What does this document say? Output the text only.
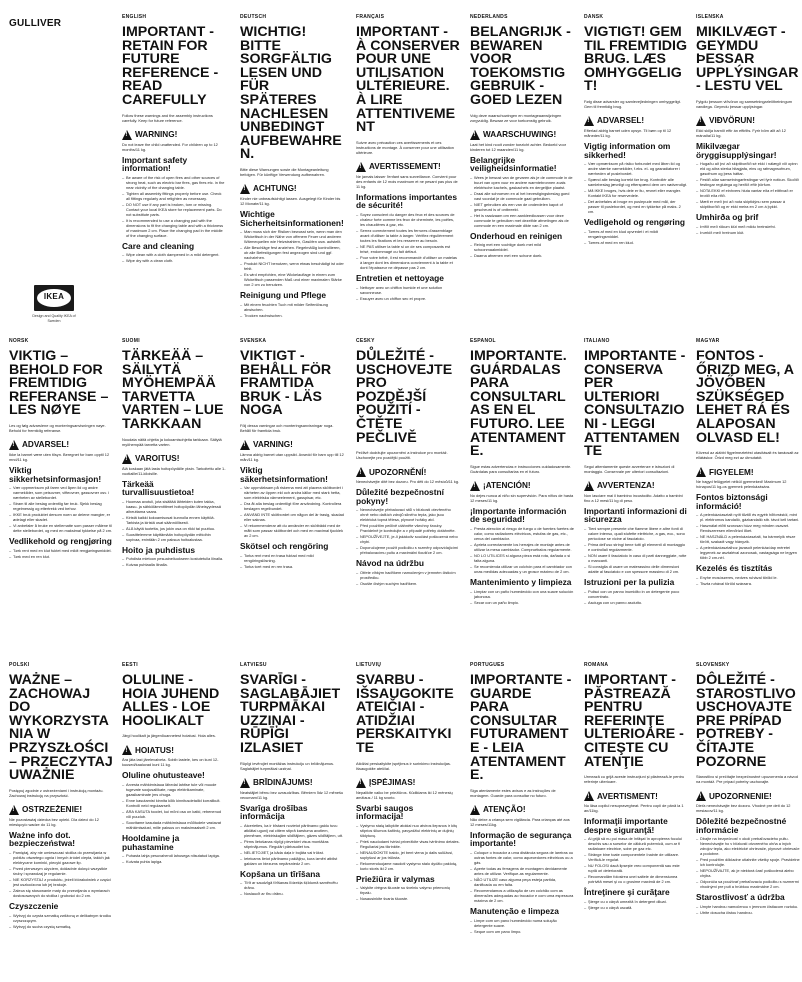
GULLIVER
IKEA
Design and Quality IKEA of Sweden
ENGLISH
IMPORTANT - RETAIN FOR FUTURE REFERENCE - READ CAREFULLY
Follow these warnings and the assembly instructions carefully. Keep for future reference.
!
WARNING!
Do not leave the child unattended. For children up to 12 months/11 kg.
Important safety information!
– Be aware of the risk of open fires and other sources of strong heat, such as electric bar fires, gas fires etc. in the near vicinity of the changing table.
– Tighten all assembly fittings properly before use. Check all fittings regularly and retighten as necessary.
– DO NOT use if any part is broken, torn or missing. Contact your local IKEA store for replacement parts. Do not substitute parts.
– It is recommended to use a changing pad with the dimensions to fit the changing table and with a thickness of maximum 2 cm. Place the changing pad in the middle of the changing surface.
Care and cleaning
– Wipe clean with a cloth dampened in a mild detergent.
– Wipe dry with a clean cloth.
DEUTSCH
WICHTIG! BITTE SORGFÄLTIG LESEN UND FÜR SPÄTERES NACHLESEN UNBEDINGT AUFBEWAHREN.
Bitte diese Warnungen sowie die Montageanleitung befolgen. Für künftige Verwendung aufbewahren.
!
ACHTUNG!
Kinder nie unbeaufsichtigt lassen. Ausgelegt für Kinder bis 12 Monate/11 kg.
Wichtige Sicherheitsinformationen!
– Man muss sich der Risiken bewusst sein, wenn man den Wickeltisch in der Nähe von offenem Feuer und anderen Wärmequellen wie Heizstrahlern, Gasöfen usw. aufstellt.
– Alle Beschläge fest anziehen. Regelmäßig kontrollieren, ob alle Befestigungen fest angezogen sind und ggf. nachziehen.
– Produkt NICHT benutzen, wenn etwas beschädigt ist oder fehlt.
– Es wird empfohlen, eine Wickelauflage in einem zum Wickeltisch passenden Maß und einer maximalen Stärke von 2 cm zu benutzen.
Reinigung und Pflege
– Mit einem feuchten Tuch mit milder Seifenlösung abwischen.
– Trocken nachwischen.
FRANÇAIS
IMPORTANT - À CONSERVER POUR UNE UTILISATION ULTÉRIEURE. À LIRE ATTENTIVEMENT
Suivre avec précaution ces avertissements et ces instructions de montage. À conserver pour une utilisation ultérieure.
!
AVERTISSEMENT!
Ne jamais laisser l'enfant sans surveillance. Convient pour des enfants de 12 mois maximum et ne pesant pas plus de 11 kg.
Informations importantes de sécurité!
– Soyez conscient du danger des feux et des sources de chaleur forte comme les feux de cheminée, les poêles, les chaudières à gaz, etc.
– Serrez correctement toutes les ferrures d'assemblage avant d'utiliser la table à langer. Vérifiez régulièrement toutes les fixations et les resserrer au besoin.
– NE PAS utiliser la table si un de ses composants est brisé, endommagé ou fait défaut.
– Pour votre bébé, il est recommandé d'utiliser un matelas à langer dont les dimensions conviennent à la table et dont l'épaisseur ne dépasse pas 2 cm.
Entretien et nettoyage
– Nettoyer avec un chiffon humide et une solution savonneuse.
– Essuyer avec un chiffon sec et propre.
NEDERLANDS
BELANGRIJK - BEWAREN VOOR TOEKOMSTIG GEBRUIK - GOED LEZEN
Volg deze waarschuwingen en montageaanwijzingen zorgvuldig. Bewaar ze voor toekomstig gebruik.
!
WAARSCHUWING!
Laat het kind nooit zonder toezicht achter. Bedoeld voor kinderen tot 12 maanden/11 kg.
Belangrijke veiligheidsinformatie!
– Wees je bewust van de gevaren als je de commode in de buurt van open vuur en andere warmtebronnen zoals elektrische kachels, gaskachels en dergelijke plaatst.
– Draai alle schroeven en al het bevestigingsbeslag goed vast voordat je de commode gaat gebruiken.
– NIET gebruiken als een van de onderdelen kapot of gescheurd is of ontbreekt.
– Het is raadzaam om een aankleedkussen voor deze commode te gebruiken met dezelfde afmetingen als de commode en een maximale dikte van 2 cm.
Onderhoud en reinigen
– Reinig met een vochtige doek met mild schoonmaakmiddel.
– Daarna afnemen met een schone doek.
DANSK
VIGTIGT! GEM TIL FREMTIDIG BRUG. LÆS OMHYGGELIGT!
Følg disse advarsler og samlevejledningen omhyggeligt. Gem til fremtidig brug.
!
ADVARSEL!
Efterlad aldrig barnet uden opsyn. Til børn op til 12 måneder/11 kg.
Vigtig information om sikkerhed!
– Vær opmærksom på risiko forbundet med åben ild og andre stærke varmekilder, f.eks. el- og gasradiatorer i nærheden af puslebordet.
– Spænd alle beslag korrekt før brug. Kontrollér alle samlebeslag jævnligt og efterspænd dem om nødvendigt.
– Må IKKE bruges, hvis dele er itu, revnet eller mangler. Kontakt IKEA for reservedele.
– Det anbefales at bruge en puslepude med mål, der passer til puslebordet, og med en tykkelse på maks. 2 cm.
Vedligehold og rengøring
– Tørres af med en klud opvredet i et mildt rengøringsmiddel.
– Tørres af med en ren klud.
ÍSLENSKA
MIKILVÆGT - GEYMDU ÞESSAR UPPLÝSINGAR - LESTU VEL
Fylgdu þessum viðvörun og samsetningarleiðbeiningum vandlega. Geymdu þessar upplýsingar.
!
VIÐVÖRUN!
Ekki skilja barnið eftir án eftirlits. Fyrir börn allt að 12 mánaða/11 kg.
Mikilvægar öryggisupplýsingar!
– Hugaðu að því að skiptiborðið sé ekki í nálægð við opinn eld og aðra sterka hitagjafa, eins og rafmagnsofnum, gasofnum og þess háttar.
– Festið allar samsetningarfestingar vel fyrir notkun. Skoðið festingar reglulega og herðið eftir þörfum.
– NOTA EKKI ef einhvers hluta vantar eða ef eitthvað er brotið eða rifið.
– Mælt er með því að nota skiptidýnu sem passar á skiptiborðið og er ekki meira en 2 cm á þykkt.
Umhirða og þrif
– Þrífið með rökum klút með mildu hreinsiefni.
– Þurrkið með hreinum klút.
NORSK
VIKTIG – BEHOLD FOR FREMTIDIG REFERANSE – LES NØYE
Les og følg advarslene og monteringsanvisningen nøye. Behold for fremtidig referanse.
!
ADVARSEL!
Ikke la barnet være uten tilsyn. Beregnet for barn opptil 12 mnd/11 kg.
Viktig sikkerhetsinformasjon!
– Vær oppmerksom på faren ved åpen ild og andre varmekilder, som peisovner, vifteovner, gassovner osv. i nærheten av stellebordet.
– Stram til alle beslag ordentlig før bruk. Sjekk beslag regelmessig og ettertrekk ved behov.
– IKKE bruk produktet dersom noen av delene mangler, er ødelagt eller skadet.
– Vi anbefaler å bruke en stellematte som passer målene til dette stellebordet, og med en maksimal tykkelse på 2 cm.
Vedlikehold og rengjøring
– Tørk rent med en klut fuktet med mildt rengjøringsmiddel.
– Tørk med en ren klut.
SUOMI
TÄRKEÄÄ – SÄILYTÄ MYÖHEMPÄÄ TARVETTA VARTEN – LUE TARKKAAN
Noudata näitä ohjeita ja kokoamisohjeita tarkkaan. Säilytä myöhempää tarvetta varten.
!
VAROITUS!
Älä koskaan jätä lasta hoitopöydälle yksin. Tarkoitettu alle 1-vuotiaille/11-kiloisille.
Tärkeää turvallisuustietoa!
– Huomaa avotuli, jota sisältää lähteiden kuten takka, kaasu- ja sähkölämmittimet hoitopöydän läheisyydessä aiheuttama vaara.
– Kiristä kaikki kokoamisosat kunnolla ennen käyttöä. Tarkista ja kiristä osat säännöllisesti.
– ÄLÄ käytä tuotetta, jos jokin osa on rikki tai puuttuu.
– Suosittelemme käyttämään hoitopöydän mittoihin sopivaa, enintään 2 cm paksua hoitoalustaa.
Hoito ja puhdistus
– Puhdista mietoon pesuaineliuokseen kostutetulla liinalla.
– Kuivaa puhtaalla liinalla.
SVENSKA
VIKTIGT - BEHÅLL FÖR FRAMTIDA BRUK - LÄS NOGA
Följ dessa varningar och monteringsanvisningar noga. Behåll för framtida bruk.
!
VARNING!
Lämna aldrig barnet utan uppsikt. Avsedd för barn upp till 12 mån/11 kg.
Viktig säkerhetsinformation!
– Var uppmärksam på riskerna med att placera skötbordet i närheten av öppen eld och andra källor med stark hetta, som elektriska värmeelement, gasspisar, etc.
– Dra åt alla beslag ordentligt före användning. Kontrollera beslagen regelbundet.
– ANVÄND INTE skötbordet om någon del är trasig, skadad eller saknas.
– Vi rekommenderar att du använder en skötbädd med de mått som passar skötbordet och med en maximal tjocklek av 2 cm.
Skötsel och rengöring
– Torka rent med en trasa fuktad med mild rengöringslösning.
– Torka torrt med en ren trasa.
ČESKY
DŮLEŽITÉ - USCHOVEJTE PRO POZDĚJŠÍ POUŽITÍ - ČTĚTE PEČLIVĚ
Pečlivě dodržujte upozornění a instrukce pro montáž. Uschovejte pro pozdější použití.
!
UPOZORNĚNÍ!
Nenechávejte dítě bez dozoru. Pro děti do 12 měsíců/11 kg.
Důležité bezpečnostní pokyny!
– Nenechávejte přebalovací stůl v blízkosti otevřeného ohně nebo dalších zdrojů silného tepla, jako jsou elektrická topná tělesa, plynové hořáky atd.
– Před použitím pečlivě utáhněte všechny šrouby. Pravidelně je kontrolujte a v případě potřeby dotáhněte.
– NEPOUŽÍVEJTE, je-li jakákoliv součást poškozená nebo chybí.
– Doporučujeme použít podložku s rozměry odpovídajícími přebalovacímu pultu a maximální tloušťce 2 cm.
Návod na údržbu
– Otřete vlhkým hadříkem namočeným v jemném čisticím prostředku.
– Osušte čistým suchým hadříkem.
ESPAÑOL
IMPORTANTE. GUÁRDALAS PARA CONSULTARLAS EN EL FUTURO. LEE ATENTAMENTE.
Sigue estas advertencias e instrucciones cuidadosamente. Guárdalas para consultarlas en el futuro.
!
¡ATENCIÓN!
No dejes nunca al niño sin supervisión. Para niños de hasta 12 meses/11 kg.
¡Importante información de seguridad!
– Presta atención al riesgo de fuego o de fuentes fuertes de calor, como radiadores eléctricos, estufas de gas, etc., cerca del cambiador.
– Aprieta correctamente los herrajes de montaje antes de utilizar la mesa cambiador. Compruébalos regularmente.
– NO LO UTILICES si alguna pieza está rota, dañada o si falta alguna.
– Se recomienda utilizar un colchón para el cambiador con unas medidas adecuadas y un grosor máximo de 2 cm.
Mantenimiento y limpieza
– Limpiar con un paño humedecido con una suave solución jabonosa.
– Secar con un paño limpio.
ITALIANO
IMPORTANTE - CONSERVA PER ULTERIORI CONSULTAZIONI - LEGGI ATTENTAMENTE
Segui attentamente queste avvertenze e istruzioni di montaggio. Conservale per ulteriori consultazioni.
!
AVVERTENZA!
Non lasciare mai il bambino incustodito. Adatto a bambini fino a 12 mesi/11 kg di peso.
Importanti informazioni di sicurezza
– Tieni sempre presente che fiamme libere e altre fonti di calore intenso, quali stufette elettriche, a gas, ecc., sono pericolose se vicine al fasciatoio.
– Prima dell'uso stringi bene tutti gli elementi di montaggio e controllali regolarmente.
– NON usare il fasciatoio in caso di parti danneggiate, rotte o mancanti.
– Si consiglia di usare un materassino delle dimensioni adatte al fasciatoio e con spessore massimo di 2 cm.
Istruzioni per la pulizia
– Pulisci con un panno inumidito in un detergente poco concentrato.
– Asciuga con un panno asciutto.
MAGYAR
FONTOS - ŐRIZD MEG, A JÖVŐBEN SZÜKSÉGED LEHET RÁ ÉS ALAPOSAN OLVASD EL!
Kövesd az alábbi figyelmeztetést utasításait és tanácsait az ellátáskor. Őrizd meg ezt az útmutatót.
!
FIGYELEM!
Ne hagyd felügyelet nélkül gyermeked! Maximum 12 hónapos/11 kg-os gyermek pelenkázására.
Fontos biztonsági információ!
– A pelenkázóasztalt nyílt tűztől és egyéb hőforrástól, mint pl. elektromos kandalló, gázkandalló stb. távol kell tartani.
– Használat előtt szorosan húzz meg minden csavart. Rendszeresen ellenőrizd őket.
– NE HASZNÁLD a pelenkázóasztalt, ha bármelyik része törött, szakadt vagy hiányzik.
– A pelenkázóasztalhoz javasolt pelenkázólap méretei legyenek az asztaléval azonosak, vastagsága ne legyen több 2 cm-nél.
Kezelés és tisztítás
– Enyhe mosószeres, nedves ruhával töröld le.
– Tiszta ruhával töröld szárazra.
POLSKI
WAŻNE – ZACHOWAJ DO WYKORZYSTANIA W PRZYSZŁOŚCI – PRZECZYTAJ UWAŻNIE
Postępuj zgodnie z ostrzeżeniami i instrukcją montażu. Zachowaj instrukcję na przyszłość.
!
OSTRZEŻENIE!
Nie pozostawiaj dziecka bez opieki. Dla dzieci do 12 miesięcy/o wadze do 11 kg.
Ważne info dot. bezpieczeństwa!
– Pamiętaj, aby nie umieszczać stolika do przewijania w pobliżu otwartego ognia i innych źródeł ciepła, takich jak elektryczne kominki, piecyki gazowe itp.
– Przed pierwszym użyciem, dokładnie dokręć wszystkie śruby i sprawdzaj je regularnie.
– NIE KORZYSTAJ z produktu, jeżeli którakolwiek z części jest uszkodzona lub jej brakuje.
– Zaleca się stosowanie maty do przewijania o wymiarach dostosowanych do stolika i grubości do 2 cm.
Czyszczenie
– Wytrzyj do czysta szmatką zwilżoną w delikatnym środku czyszczącym.
– Wytrzyj do sucha czystą szmatką.
EESTI
OLULINE - HOIA JUHEND ALLES - LOE HOOLIKALT
Järgi hoolikalt ja järgenõuannetest hoiatusi. Hoia alles.
!
HOIATUS!
Ära jäta last järelevalveta. Sobib lastele, kes on kuni 12-kuused/kaaluvad kuni 11 kg.
Oluline ohutusteave!
– Arvesta mähkimislaua lähedal lahtise tule või muude tugevate soojusallikate, nagu elektrikaminate, gaasikaminate jms ohuga.
– Enne kasutamist kinnita kõik kinnitusdetailid korralikult. Kontrolli neid regulaarselt.
– ÄRA KASUTA toodet, kui mõni osa on katki, rebenenud või puudub.
– Soovitame kasutada mähkimislaua mõõtudele vastavat mähkimisalust, mille paksus on maksimaalselt 2 cm.
Hooldamine ja puhastamine
– Puhasta lahja pesuvahendi lahusega niisutatud lapiga.
– Kuivata puhta lapiga.
LATVIEŠU
SVARĪGI - SAGLABĀJIET TURPMĀKAI UZZIŅAI - RŪPĪGI IZLASIET
Rūpīgi ievērojiet montāžas instrukciju un brīdinājumus. Saglabājiet turpmākai uzziņai.
!
BRĪDINĀJUMS!
Neatstājiet bērnu bez uzraudzības. Bērniem līdz 12 mēnešu vecumam/11 kg.
Svarīga drošības informācija
– Atcerieties, ka ir bīstami novietot pārtinamo galdu tuvu atklātai ugunij vai citiem stiprā karstuma avotiem, piemēram, elektriskajām sildītājiem, gāzes sildītājiem, utt.
– Pirms lietošanas rūpīgi pievelciet visus montāžas stiprinājumus. Regulāri pārbaudiet tos.
– NELIETOJIET, ja kāda daļa ir bojāta vai trūkst.
– Ieteicams lietot pārtinamo paklājiņu, kura izmēri atbilst galdam un biezums nepārsniedz 2 cm.
Kopšana un tīrīšana
– Tīrīt ar saudzīgā tīrīšanas līdzekļa šķīdumā samērcētu drānu.
– Noslaucīt ar tīru drānu.
LIETUVIŲ
SVARBU - IŠSAUGOKITE ATEIČIAI - ATIDŽIAI PERSKAITYKITE
Atidžiai perskaitykite įspėjimus ir surinkimo instrukcijas. Išsaugokite ateičiai.
!
ĮSPĖJIMAS!
Nepalikite vaiko be priežiūros. Kūdikiams iki 12 mėnesių amžiaus / 11 kg svorio.
Svarbi saugos informacija!
– Vystymo stalą laikykite atokiai nuo atviros liepsnos ir kitų stiprios šilumos šaltinių, pavyzdžiui elektrinių ar dujinių šildytuvų.
– Prieš naudodami tvirtai priveržkite visas tvirtinimo detales. Reguliariai jas tikrinkite.
– NENAUDOKITE baldo, jei bent viena jo dalis sulūžusi, suplyšusi ar jos trūksta.
– Rekomenduojame naudoti vystymo stalo dydžio paklotą, kurio storis iki 2 cm.
Priežiūra ir valymas
– Valykite drėgna šluoste su švelniu valymo priemonių tirpalu.
– Nusausinkite švaria šluoste.
PORTUGUES
IMPORTANTE - GUARDE PARA CONSULTAR FUTURAMENTE - LEIA ATENTAMENTE.
Siga atentamente estes avisos e as instruções de montagem. Guarde para consultar no futuro.
!
ATENÇÃO!
Não deixe a criança sem vigilância. Para crianças até aos 12 meses/11kg.
Informação de segurança importante!
– Coloque o trocador a uma distância segura de lareiras ou outras fontes de calor, como aquecedores eléctricos ou a gás.
– Aperte todas as ferragens de montagem devidamente antes de utilizar. Verifique-as regularmente.
– NÃO UTILIZE caso alguma peça esteja partida, danificada ou em falta.
– Recomendamos a utilização de um colchão com as dimensões adequadas ao trocador e com uma espessura máxima de 2 cm.
Manutenção e limpeza
– Limpe com um pano humedecido numa solução detergente suave.
– Seque com um pano limpo.
ROMÂNA
IMPORTANT - PĂSTREAZĂ PENTRU REFERINŢE ULTERIOARE - CITEŞTE CU ATENŢIE
Urmează cu grijă aceste instrucţiuni şi păstrează-le pentru referinţe ulterioare.
!
AVERTISMENT!
Nu lăsa copilul nesupravegheat. Pentru copii de până la 1 an/11kg.
Informaţii importante despre siguranţă!
– Ai grijă să nu pui masa de înfăşat în apropierea focului deschis sau a surselor de căldură puternică, cum ar fi radiatoare electrice, sobe pe gaz etc.
– Strânge bine toate componentele înainte de utilizare. Verifică-le regulat.
– NU FOLOSI dacă lipseşte vreo componentă sau este ruptă ori deteriorată.
– Recomandăm folosirea unei saltele de dimensiunea potrivită mesei şi cu o grosime maximă de 2 cm.
Întreţinere şi curăţare
– Şterge cu o cârpă umezită în detergent diluat.
– Şterge cu o cârpă uscată.
SLOVENSKY
DÔLEŽITÉ - STAROSTLIVO USCHOVAJTE PRE PRÍPAD POTREBY - ČÍTAJTE POZORNE
Starostlivo si prečítajte bezpečnostné upozornenia a návod na montáž. Pre prípad potreby uschovajte.
!
UPOZORNENIE!
Dieťa nenechávajte bez dozoru. Vhodné pre deti do 12 mesiacov/11 kg.
Dôležité bezpečnostné informácie
– Dbajte na bezpečnosť v okolí prebaľovacieho pultu. Nenechávajte ho v blízkosti otvoreného ohňa a iných zdrojov tepla, ako elektrické ohrievače, plynové ohrievače a podobne.
– Pred použitím dôkladne utiahnite všetky spoje. Pravidelne ich kontrolujte.
– NEPOUŽÍVAJTE, ak je niektorá časť poškodená alebo chýba.
– Odporúča sa používať prebaľovaciu podložku s rozmermi vhodnými pre pult a hrúbkou maximálne 2 cm.
Starostlivosť a údržba
– Umyte handrou namočenou v jemnom čistiacom roztoku.
– Utrite dosucha čistou handrou.
